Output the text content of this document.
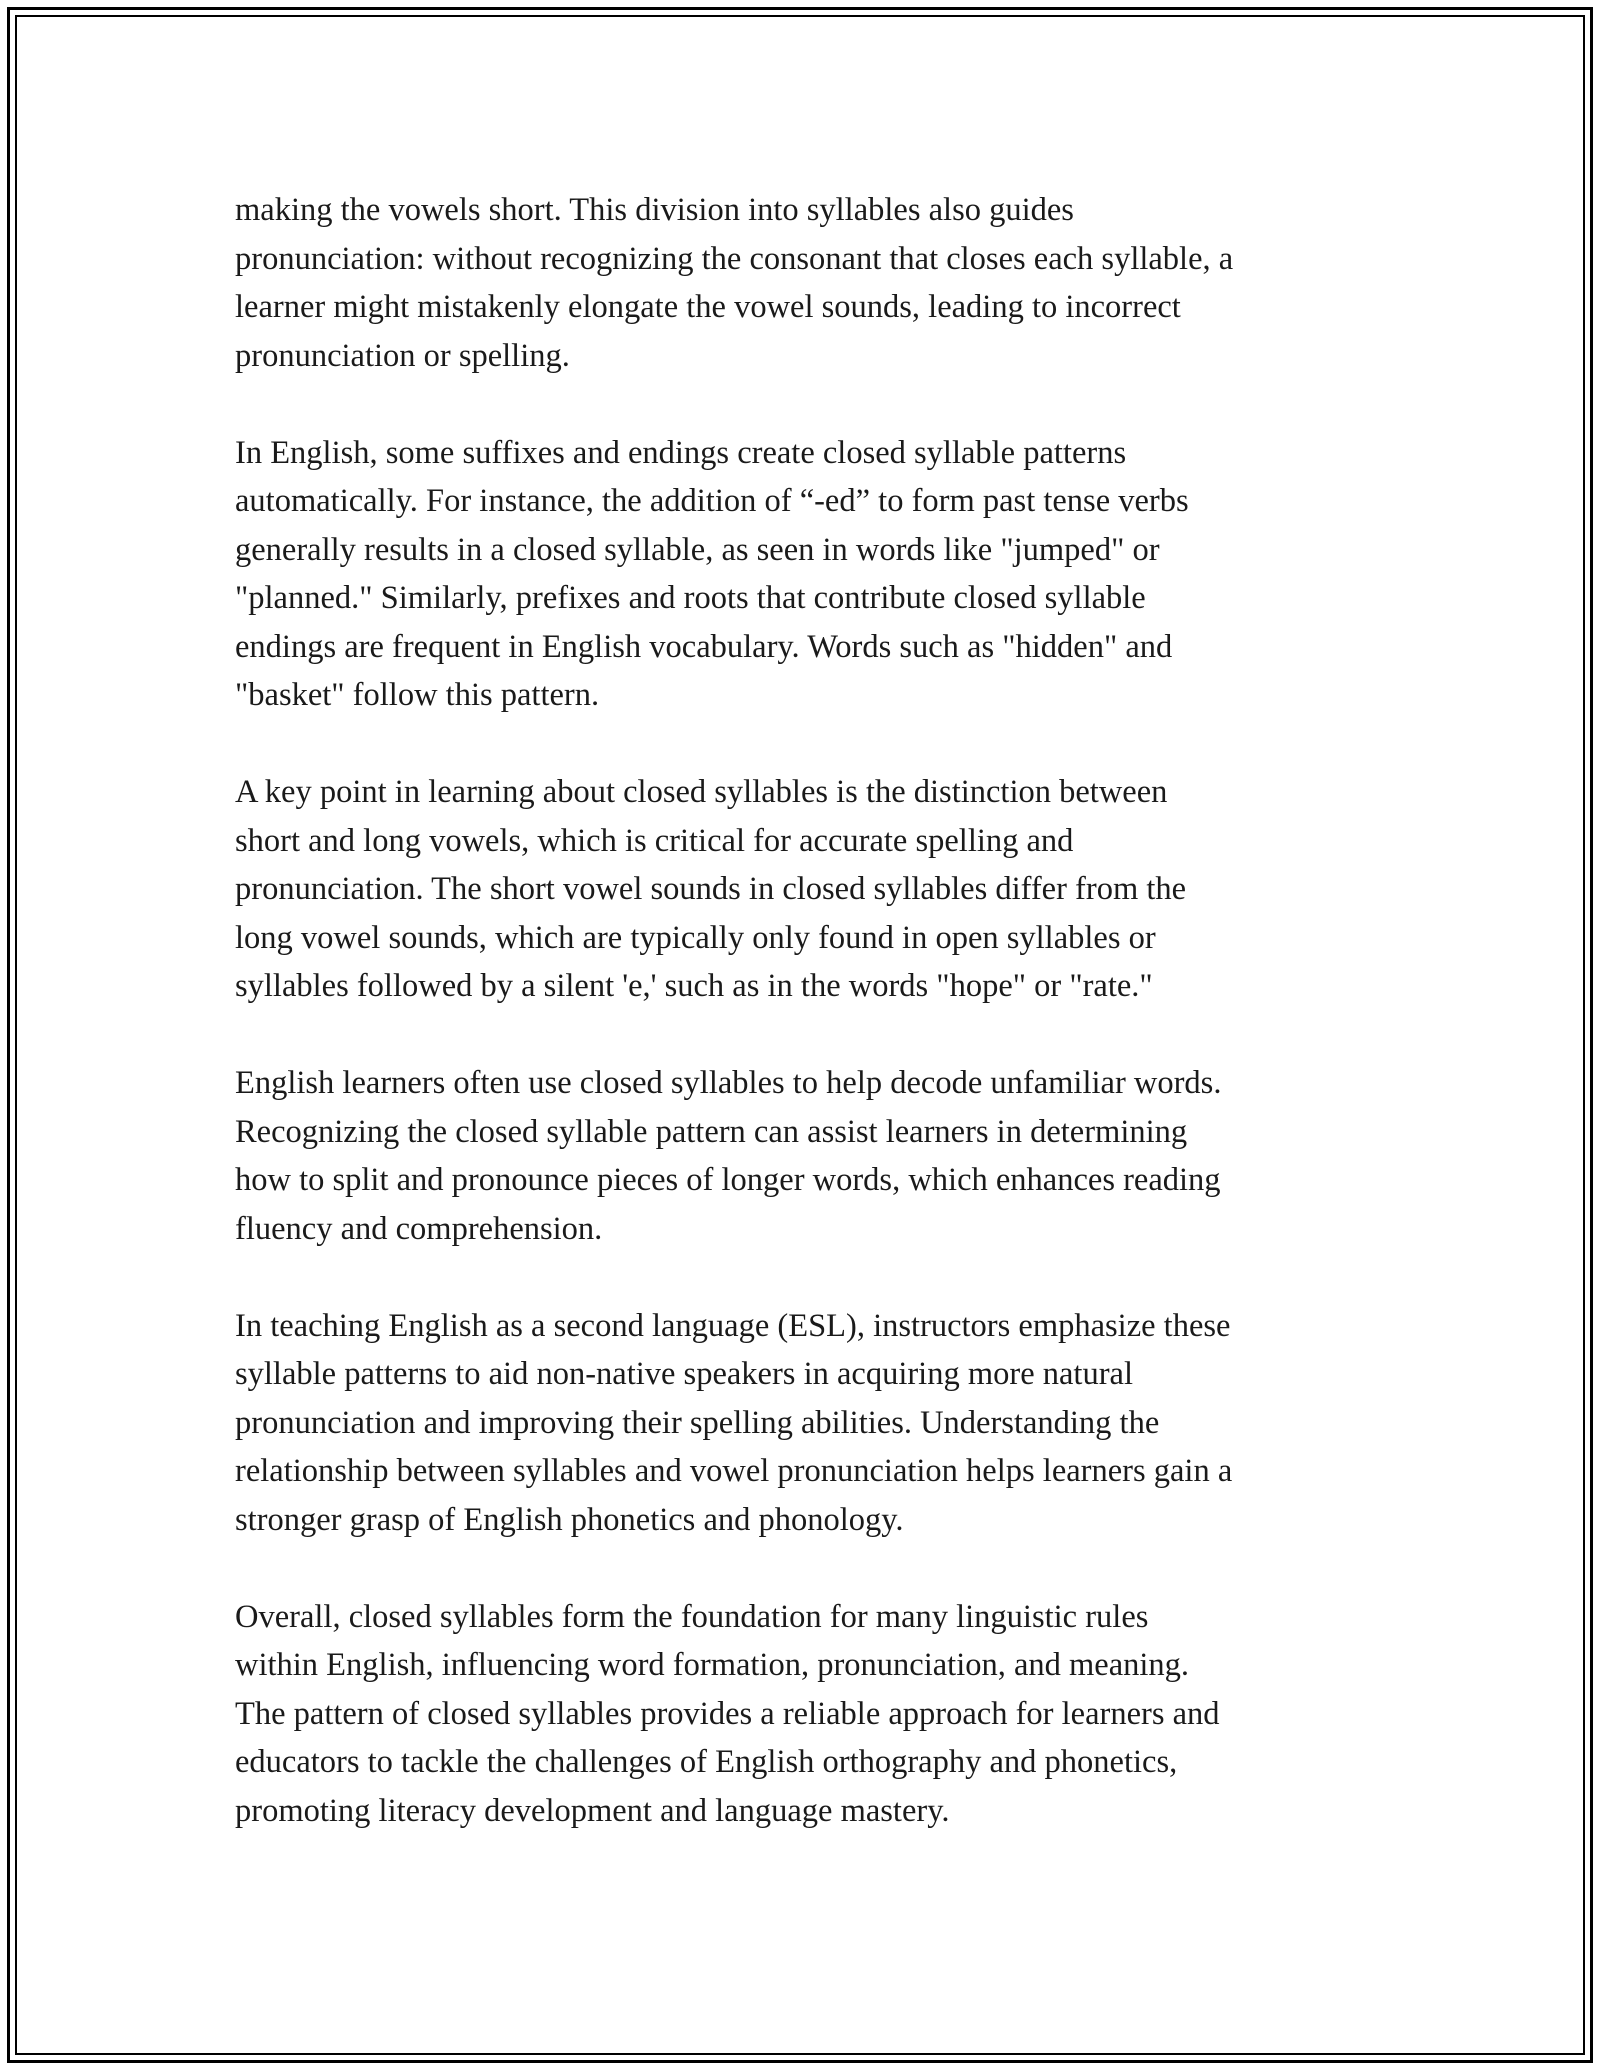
making the vowels short. This division into syllables also guides
pronunciation: without recognizing the consonant that closes each syllable, a
learner might mistakenly elongate the vowel sounds, leading to incorrect
pronunciation or spelling.

In English, some suffixes and endings create closed syllable patterns
automatically. For instance, the addition of “-ed” to form past tense verbs
generally results in a closed syllable, as seen in words like "jumped" or
"planned." Similarly, prefixes and roots that contribute closed syllable
endings are frequent in English vocabulary. Words such as "hidden" and
"basket" follow this pattern.

A key point in learning about closed syllables is the distinction between
short and long vowels, which is critical for accurate spelling and
pronunciation. The short vowel sounds in closed syllables differ from the
long vowel sounds, which are typically only found in open syllables or
syllables followed by a silent 'e,' such as in the words "hope" or "rate."

English learners often use closed syllables to help decode unfamiliar words.
Recognizing the closed syllable pattern can assist learners in determining
how to split and pronounce pieces of longer words, which enhances reading
fluency and comprehension.

In teaching English as a second language (ESL), instructors emphasize these
syllable patterns to aid non-native speakers in acquiring more natural
pronunciation and improving their spelling abilities. Understanding the
relationship between syllables and vowel pronunciation helps learners gain a
stronger grasp of English phonetics and phonology.

Overall, closed syllables form the foundation for many linguistic rules
within English, influencing word formation, pronunciation, and meaning.
The pattern of closed syllables provides a reliable approach for learners and
educators to tackle the challenges of English orthography and phonetics,
promoting literacy development and language mastery.
